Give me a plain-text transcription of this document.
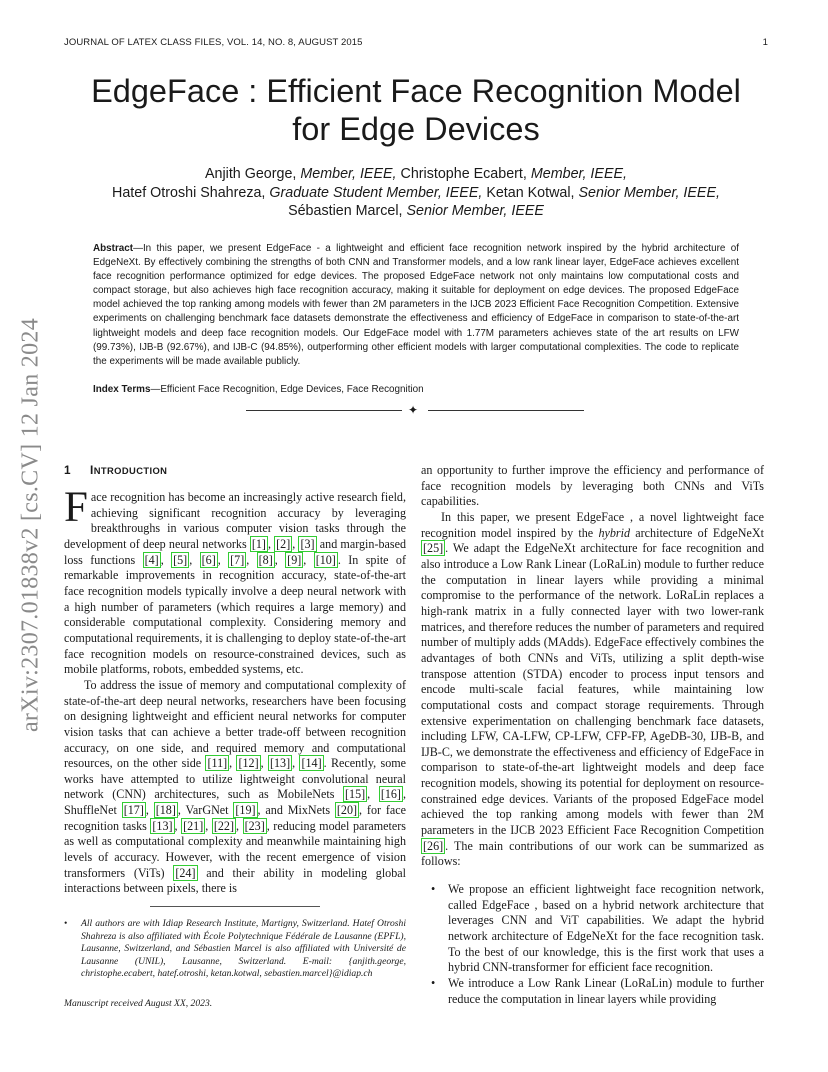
JOURNAL OF LATEX CLASS FILES, VOL. 14, NO. 8, AUGUST 2015	1
EdgeFace : Efficient Face Recognition Model
for Edge Devices
Anjith George, Member, IEEE, Christophe Ecabert, Member, IEEE,
Hatef Otroshi Shahreza, Graduate Student Member, IEEE, Ketan Kotwal, Senior Member, IEEE,
Sébastien Marcel, Senior Member, IEEE

Abstract—In this paper, we present EdgeFace - a lightweight and efficient face recognition network inspired by the hybrid architecture of EdgeNeXt. By effectively combining the strengths of both CNN and Transformer models, and a low rank linear layer, EdgeFace achieves excellent face recognition performance optimized for edge devices. The proposed EdgeFace network not only maintains low computational costs and compact storage, but also achieves high face recognition accuracy, making it suitable for deployment on edge devices. The proposed EdgeFace model achieved the top ranking among models with fewer than 2M parameters in the IJCB 2023 Efficient Face Recognition Competition. Extensive experiments on challenging benchmark face datasets demonstrate the effectiveness and efficiency of EdgeFace in comparison to state-of-the-art lightweight models and deep face recognition models. Our EdgeFace model with 1.77M parameters achieves state of the art results on LFW (99.73%), IJB-B (92.67%), and IJB-C (94.85%), outperforming other efficient models with larger computational complexities. The code to replicate the experiments will be made available publicly.

Index Terms—Efficient Face Recognition, Edge Devices, Face Recognition
✦
arXiv:2307.01838v2 [cs.CV] 12 Jan 2024 1 INTRODUCTION

Face recognition has become an increasingly active research field, achieving significant recognition accuracy by leveraging breakthroughs in various computer vision tasks through the development of deep neural networks [1] , [2] , [3] and margin-based loss functions [4] , [5] , [6] , [7] , [8] , [9] , [10] . In spite of remarkable improvements in recognition accuracy, state-of-the-art face recognition models typically involve a deep neural network with a high number of parameters (which requires a large memory) and considerable computational complexity. Considering memory and computational requirements, it is challenging to deploy state-of-the-art face recognition models on resource-constrained devices, such as mobile platforms, robots, embedded systems, etc.

To address the issue of memory and computational complexity of state-of-the-art deep neural networks, researchers have been focusing on designing lightweight and efficient neural networks for computer vision tasks that can achieve a better trade-off between recognition accuracy, on one side, and required memory and computational resources, on the other side [11] , [12] , [13] , [14] . Recently, some works have attempted to utilize lightweight convolutional neural network (CNN) architectures, such as MobileNets [15] , [16] , ShuffleNet [17] , [18] , VarGNet [19] , and MixNets [20] , for face recognition tasks [13] , [21] , [22] , [23] , reducing model parameters as well as computational complexity and meanwhile maintaining high levels of accuracy. However, with the recent emergence of vision transformers (ViTs) [24] and their ability in modeling global interactions between pixels, there is

an opportunity to further improve the efficiency and performance of face recognition models by leveraging both CNNs and ViTs capabilities.

In this paper, we present EdgeFace , a novel lightweight face recognition model inspired by the hybrid architecture of EdgeNeXt [25] . We adapt the EdgeNeXt architecture for face recognition and also introduce a Low Rank Linear (LoRaLin) module to further reduce the computation in linear layers while providing a minimal compromise to the performance of the network. LoRaLin replaces a high-rank matrix in a fully connected layer with two lower-rank matrices, and therefore reduces the number of parameters and required number of multiply adds (MAdds). EdgeFace effectively combines the advantages of both CNNs and ViTs, utilizing a split depth-wise transpose attention (STDA) encoder to process input tensors and encode multi-scale facial features, while maintaining low computational costs and compact storage requirements. Through extensive experimentation on challenging benchmark face datasets, including LFW, CA-LFW, CP-LFW, CFP-FP, AgeDB-30, IJB-B, and IJB-C, we demonstrate the effectiveness and efficiency of EdgeFace in comparison to state-of-the-art lightweight models and deep face recognition models, showing its potential for deployment on resource-constrained edge devices. Variants of the proposed EdgeFace model achieved the top ranking among models with fewer than 2M parameters in the IJCB 2023 Efficient Face Recognition Competition [26] . The main contributions of our work can be summarized as follows:

• We propose an efficient lightweight face recognition network, called EdgeFace , based on a hybrid network architecture that leverages CNN and ViT capabilities. We adapt the hybrid network architecture of EdgeNeXt for the face recognition task. To the best of our knowledge, this is the first work that uses a hybrid CNN-transformer for efficient face recognition.
• We introduce a Low Rank Linear (LoRaLin) module to further reduce the computation in linear layers while providing
• All authors are with Idiap Research Institute, Martigny, Switzerland. Hatef Otroshi Shahreza is also affiliated with École Polytechnique Fédérale de Lausanne (EPFL), Lausanne, Switzerland, and Sébastien Marcel is also affiliated with Université de Lausanne (UNIL), Lausanne, Switzerland. E-mail: {anjith.george, christophe.ecabert, hatef.otroshi, ketan.kotwal, sebastien.marcel}@idiap.ch
Manuscript received August XX, 2023.
